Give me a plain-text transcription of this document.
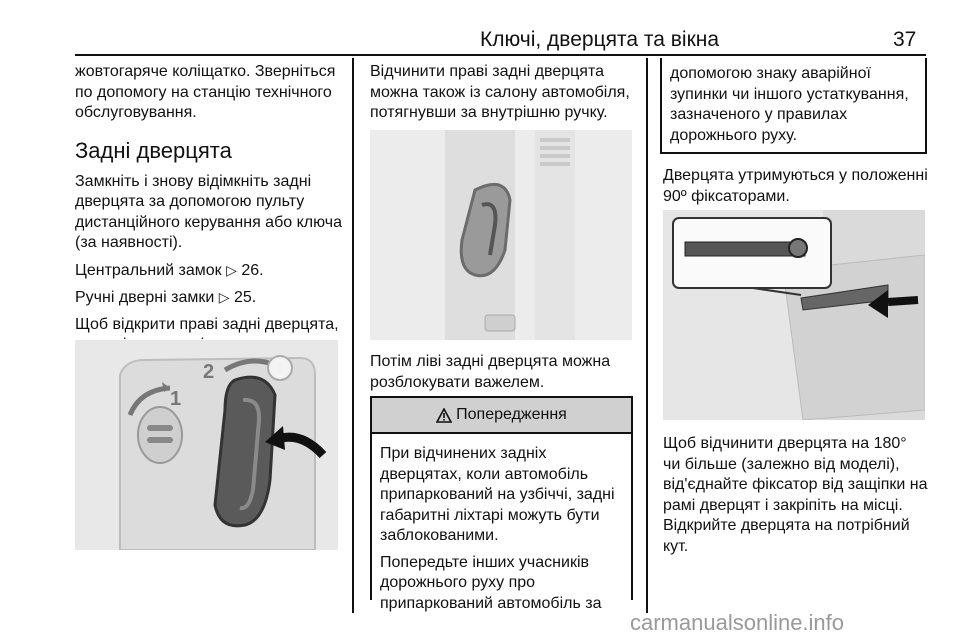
Ключі, дверцята та вікна	37

жовтогаряче коліщатко. Зверніться по допомогу на станцію технічного обслуговування.

Задні дверцята

Замкніть і знову відімкніть задні дверцята за допомогою пульту дистанційного керування або ключа (за наявності).

Центральний замок ▷ 26.

Ручні дверні замки ▷ 25.

Щоб відкрити праві задні дверцята,

1
2

Відчинити праві задні дверцята можна також із салону автомобіля, потягнувши за внутрішню ручку.

Потім ліві задні дверцята можна розблокувати важелем.

Попередження

При відчинених задніх дверцятах, коли автомобіль припаркований на узбіччі, задні габаритні ліхтарі можуть бути заблокованими.

Попередьте інших учасників дорожнього руху про припаркований автомобіль за

допомогою знаку аварійної зупинки чи іншого устаткування, зазначеного у правилах дорожнього руху.

Дверцята утримуються у положенні 90º фіксаторами.

Щоб відчинити дверцята на 180° чи більше (залежно від моделі), від'єднайте фіксатор від защіпки на рамі дверцят і закріпіть на місці. Відкрийте дверцята на потрібний кут.

carmanualsonline.info
